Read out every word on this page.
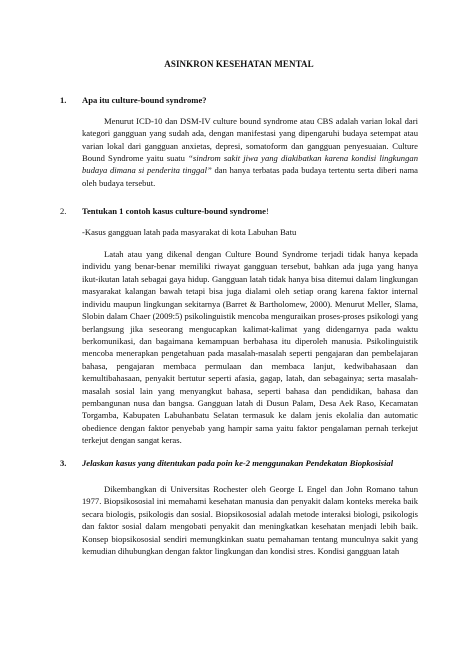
ASINKRON KESEHATAN MENTAL
1.	Apa itu culture-bound syndrome?

Menurut ICD-10 dan DSM-IV culture bound syndrome atau CBS adalah varian lokal dari kategori gangguan yang sudah ada, dengan manifestasi yang dipengaruhi budaya setempat atau varian lokal dari gangguan anxietas, depresi, somatoform dan gangguan penyesuaian. Culture Bound Syndrome yaitu suatu “sindrom sakit jiwa yang diakibatkan karena kondisi lingkungan budaya dimana si penderita tinggal” dan hanya terbatas pada budaya tertentu serta diberi nama oleh budaya tersebut.

2.	Tentukan 1 contoh kasus culture-bound syndrome!
-Kasus gangguan latah pada masyarakat di kota Labuhan Batu

Latah atau yang dikenal dengan Culture Bound Syndrome terjadi tidak hanya kepada individu yang benar-benar memiliki riwayat gangguan tersebut, bahkan ada juga yang hanya ikut-ikutan latah sebagai gaya hidup. Gangguan latah tidak hanya bisa ditemui dalam lingkungan masyarakat kalangan bawah tetapi bisa juga dialami oleh setiap orang karena faktor internal individu maupun lingkungan sekitarnya (Barret & Bartholomew, 2000). Menurut Meller, Slama, Slobin dalam Chaer (2009:5) psikolinguistik mencoba menguraikan proses-proses psikologi yang berlangsung jika seseorang mengucapkan kalimat-kalimat yang didengarnya pada waktu berkomunikasi, dan bagaimana kemampuan berbahasa itu diperoleh manusia. Psikolinguistik mencoba menerapkan pengetahuan pada masalah-masalah seperti pengajaran dan pembelajaran bahasa, pengajaran membaca permulaan dan membaca lanjut, kedwibahasaan dan kemultibahasaan, penyakit bertutur seperti afasia, gagap, latah, dan sebagainya; serta masalah-masalah sosial lain yang menyangkut bahasa, seperti bahasa dan pendidikan, bahasa dan pembangunan nusa dan bangsa. Gangguan latah di Dusun Palam, Desa Aek Raso, Kecamatan Torgamba, Kabupaten Labuhanbatu Selatan termasuk ke dalam jenis ekolalia dan automatic obedience dengan faktor penyebab yang hampir sama yaitu faktor pengalaman pernah terkejut terkejut dengan sangat keras.

3.	Jelaskan kasus yang ditentukan pada poin ke-2 menggunakan Pendekatan Biopkosisial

Dikembangkan di Universitas Rochester oleh George L Engel dan John Romano tahun 1977. Biopsikososial ini memahami kesehatan manusia dan penyakit dalam konteks mereka baik secara biologis, psikologis dan sosial. Biopsikososial adalah metode interaksi biologi, psikologis dan faktor sosial dalam mengobati penyakit dan meningkatkan kesehatan menjadi lebih baik. Konsep biopsikososial sendiri memungkinkan suatu pemahaman tentang munculnya sakit yang kemudian dihubungkan dengan faktor lingkungan dan kondisi stres. Kondisi gangguan latah
